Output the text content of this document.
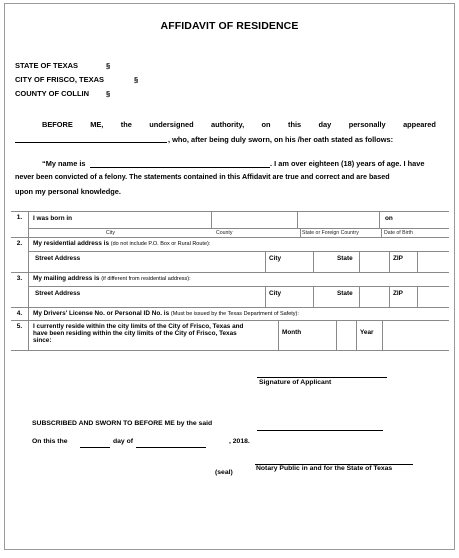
AFFIDAVIT OF RESIDENCE
STATE OF TEXAS	§
CITY OF FRISCO, TEXAS	§
COUNTY OF COLLIN §
BEFORE ME, the undersigned authority, on this day personally appeared
, who, after being duly sworn, on his /her oath stated as follows:
“My name is	. I am over eighteen (18) years of age. I have
never been convicted of a felony. The statements contained in this Affidavit are true and correct and are based
upon my personal knowledge.
1.	I was born in	on
City	County	State or Foreign Country	Date of Birth
2.	My residential address is (do not include P.O. Box or Rural Route):
Street Address	City	State	ZIP
3.	My mailing address is (if different from residential address):
Street Address	City	State	ZIP
4.	My Drivers' License No. or Personal ID No. is (Must be issued by the Texas Department of Safety):
5.	I currently reside within the city limits of the City of Frisco, Texas and
have been residing within the city limits of the City of Frisco, Texas
since:
Month	Year
Signature of Applicant
SUBSCRIBED AND SWORN TO BEFORE ME by the said
On this the	day of	, 2018.
Notary Public in and for the State of Texas
(seal)
